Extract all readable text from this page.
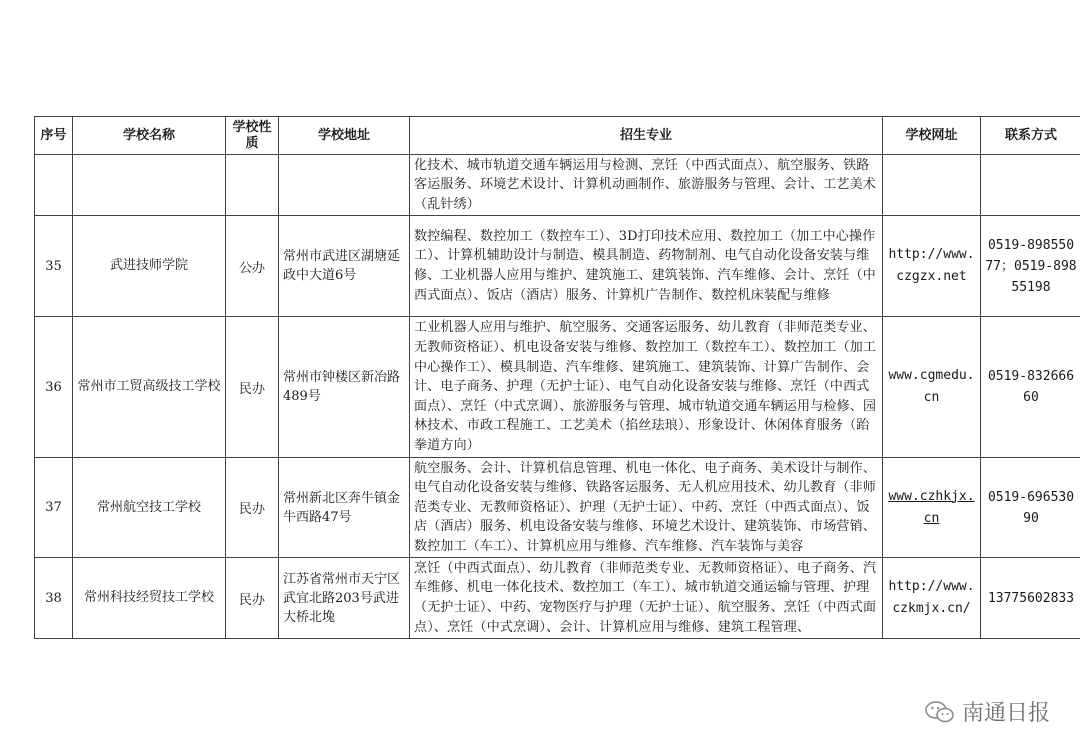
序号	学校名称	学校性质	学校地址	招生专业	学校网址	联系方式
				化技术、城市轨道交通车辆运用与检测、烹饪（中西式面点）、航空服务、铁路客运服务、环境艺术设计、计算机动画制作、旅游服务与管理、会计、工艺美术（乱针绣）		
35	武进技师学院	公办	常州市武进区湖塘延政中大道6号	数控编程、数控加工（数控车工）、3D打印技术应用、数控加工（加工中心操作工）、计算机辅助设计与制造、模具制造、药物制剂、电气自动化设备安装与维修、工业机器人应用与维护、建筑施工、建筑装饰、汽车维修、会计、烹饪（中西式面点）、饭店（酒店）服务、计算机广告制作、数控机床装配与维修	http://www.czgzx.net	0519-89855077；0519-89855198
36	常州市工贸高级技工学校	民办	常州市钟楼区新冶路489号	工业机器人应用与维护、航空服务、交通客运服务、幼儿教育（非师范类专业、无教师资格证）、机电设备安装与维修、数控加工（数控车工）、数控加工（加工中心操作工）、模具制造、汽车维修、建筑施工、建筑装饰、计算广告制作、会计、电子商务、护理（无护士证）、电气自动化设备安装与维修、烹饪（中西式面点）、烹饪（中式烹调）、旅游服务与管理、城市轨道交通车辆运用与检修、园林技术、市政工程施工、工艺美术（掐丝珐琅）、形象设计、休闲体育服务（跆拳道方向）	www.cgmedu.cn	0519-83266660
37	常州航空技工学校	民办	常州新北区奔牛镇金牛西路47号	航空服务、会计、计算机信息管理、机电一体化、电子商务、美术设计与制作、电气自动化设备安装与维修、铁路客运服务、无人机应用技术、幼儿教育（非师范类专业、无教师资格证）、护理（无护士证）、中药、烹饪（中西式面点）、饭店（酒店）服务、机电设备安装与维修、环境艺术设计、建筑装饰、市场营销、数控加工（车工）、计算机应用与维修、汽车维修、汽车装饰与美容	www.czhkjx.cn	0519-69653090
38	常州科技经贸技工学校	民办	江苏省常州市天宁区武宜北路203号武进大桥北堍	烹饪（中西式面点）、幼儿教育（非师范类专业、无教师资格证）、电子商务、汽车维修、机电一体化技术、数控加工（车工）、城市轨道交通运输与管理、护理（无护士证）、中药、宠物医疗与护理（无护士证）、航空服务、烹饪（中西式面点）、烹饪（中式烹调）、会计、计算机应用与维修、建筑工程管理、	http://www.czkmjx.cn/	13775602833
南通日报
